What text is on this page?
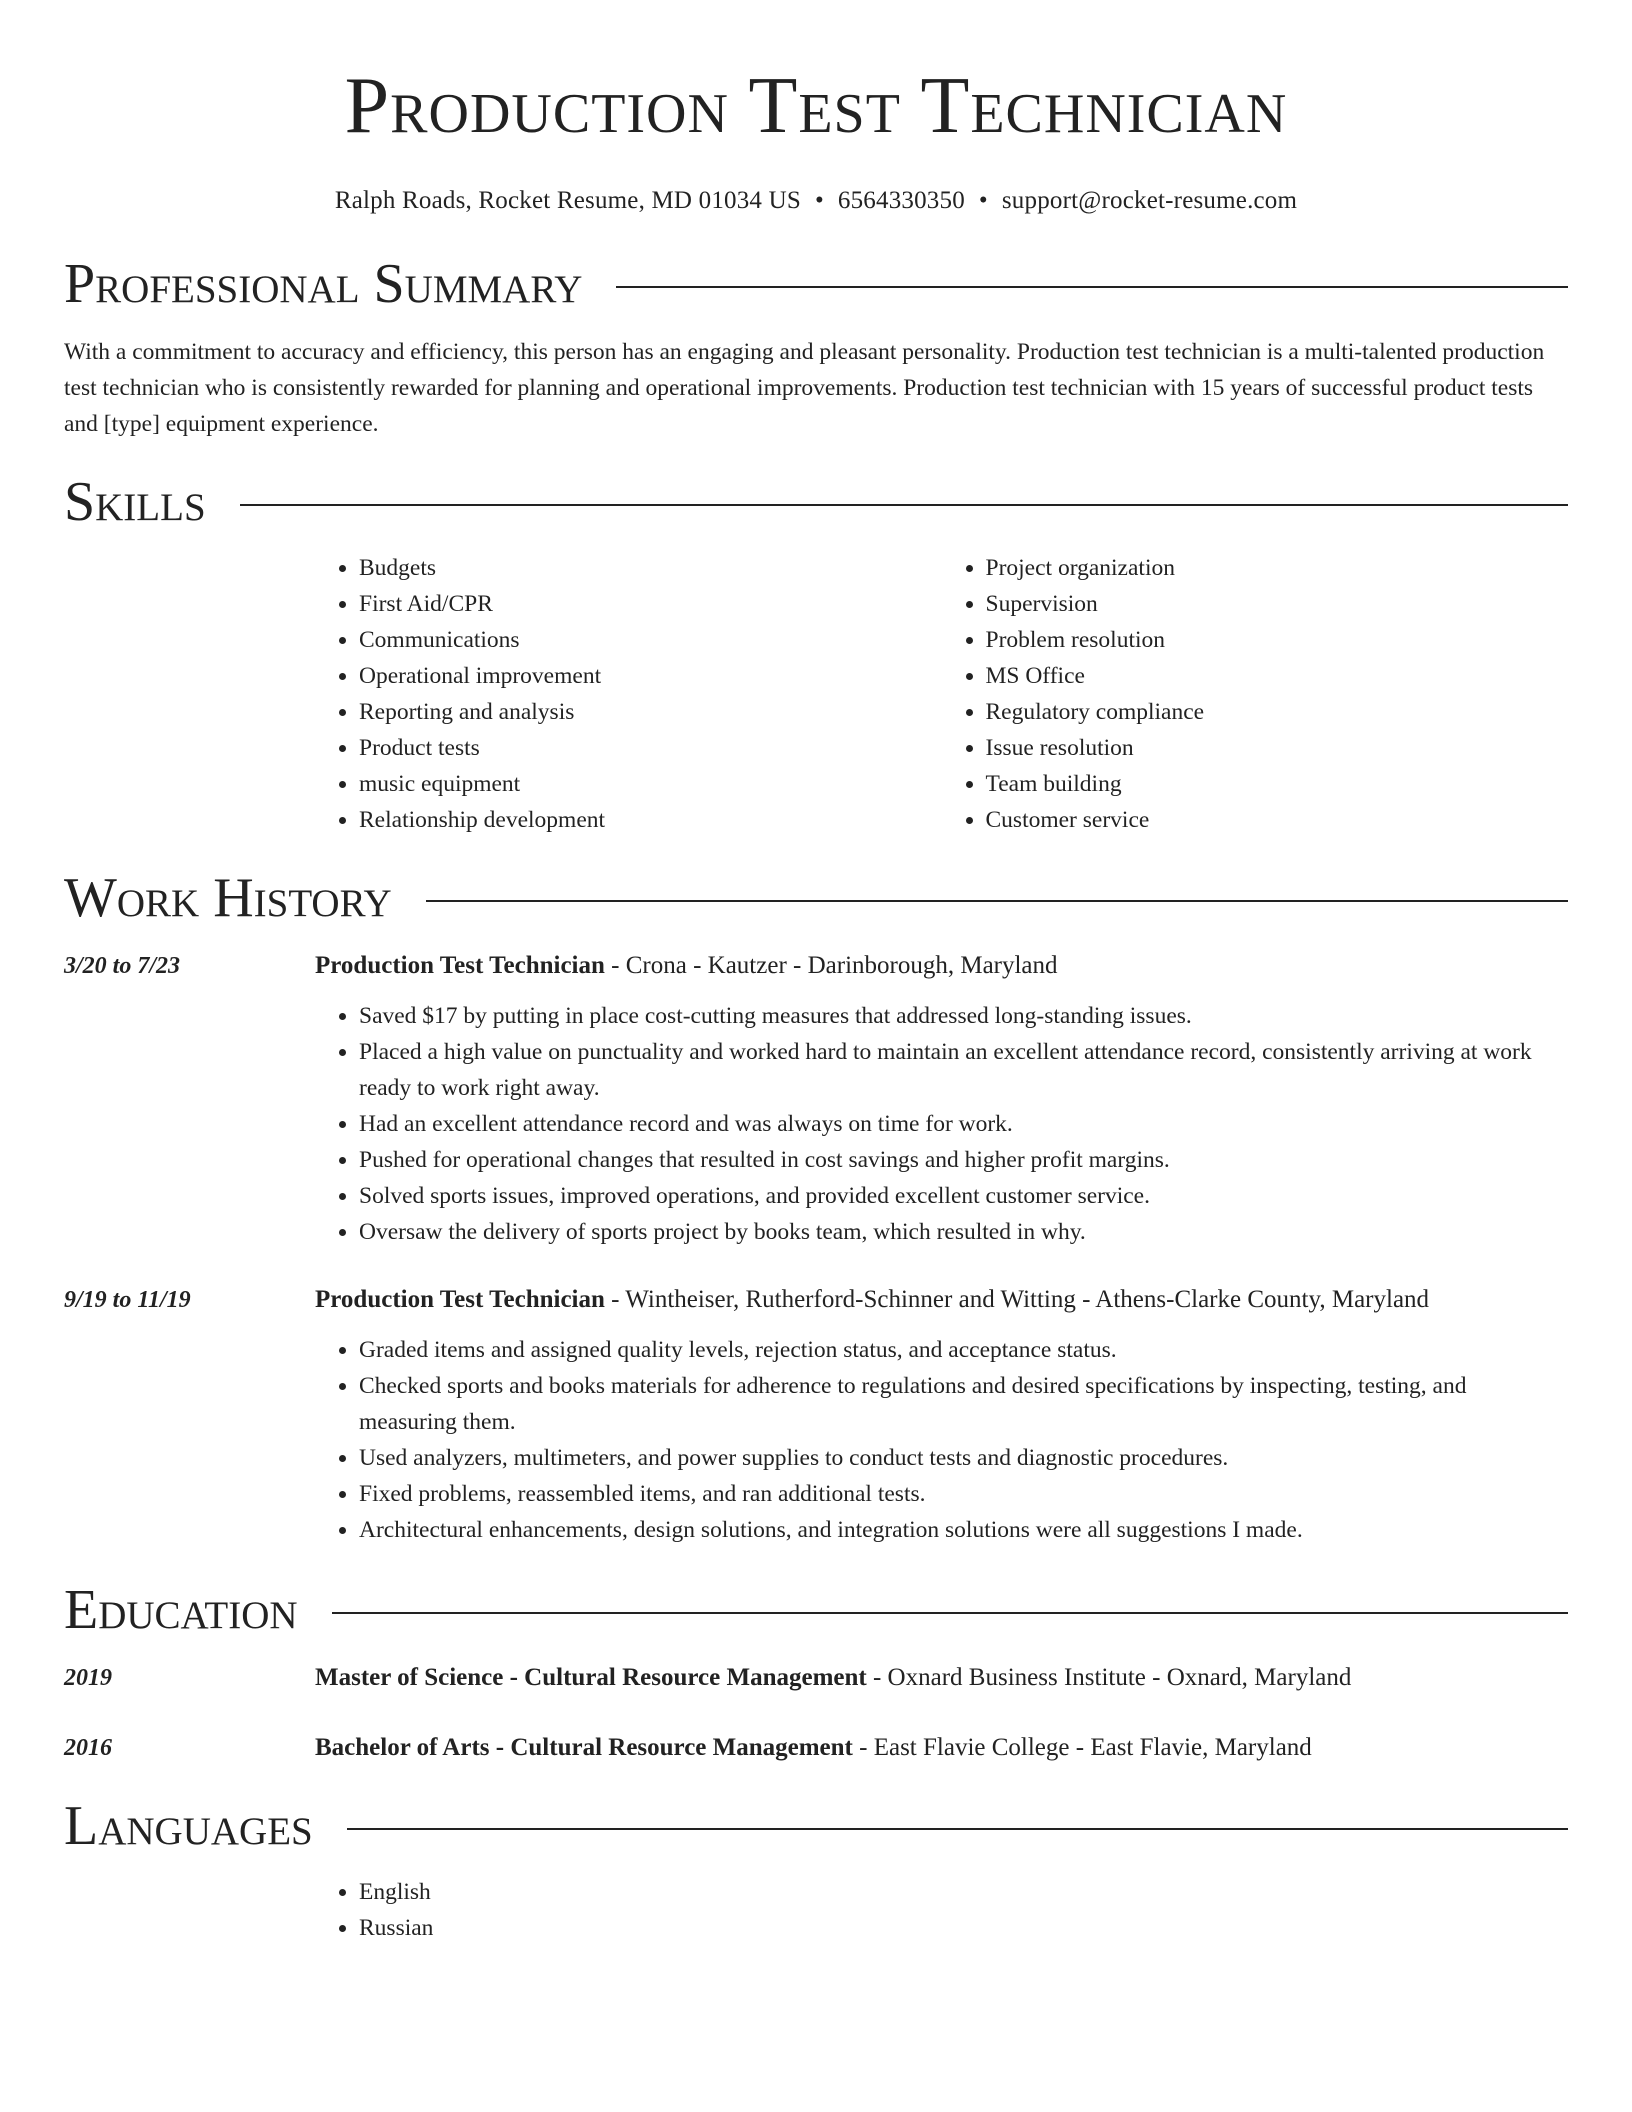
Production Test Technician
Ralph Roads, Rocket Resume, MD 01034 US • 6564330350 • support@rocket-resume.com
Professional Summary

With a commitment to accuracy and efficiency, this person has an engaging and pleasant personality. Production test technician is a multi-talented production test technician who is consistently rewarded for planning and operational improvements. Production test technician with 15 years of successful product tests and [type] equipment experience.

Skills
• Budgets
• First Aid/CPR
• Communications
• Operational improvement
• Reporting and analysis
• Product tests
• music equipment
• Relationship development
• Project organization
• Supervision
• Problem resolution
• MS Office
• Regulatory compliance
• Issue resolution
• Team building
• Customer service
Work History
3/20 to 7/23	Production Test Technician - Crona - Kautzer - Darinborough, Maryland
• Saved $17 by putting in place cost-cutting measures that addressed long-standing issues.
• Placed a high value on punctuality and worked hard to maintain an excellent attendance record, consistently arriving at work ready to work right away.
• Had an excellent attendance record and was always on time for work.
• Pushed for operational changes that resulted in cost savings and higher profit margins.
• Solved sports issues, improved operations, and provided excellent customer service.
• Oversaw the delivery of sports project by books team, which resulted in why.
9/19 to 11/19	Production Test Technician - Wintheiser, Rutherford-Schinner and Witting - Athens-Clarke County, Maryland
• Graded items and assigned quality levels, rejection status, and acceptance status.
• Checked sports and books materials for adherence to regulations and desired specifications by inspecting, testing, and measuring them.
• Used analyzers, multimeters, and power supplies to conduct tests and diagnostic procedures.
• Fixed problems, reassembled items, and ran additional tests.
• Architectural enhancements, design solutions, and integration solutions were all suggestions I made.
Education
2019	Master of Science - Cultural Resource Management - Oxnard Business Institute - Oxnard, Maryland
2016	Bachelor of Arts - Cultural Resource Management - East Flavie College - East Flavie, Maryland
Languages
• English
• Russian
